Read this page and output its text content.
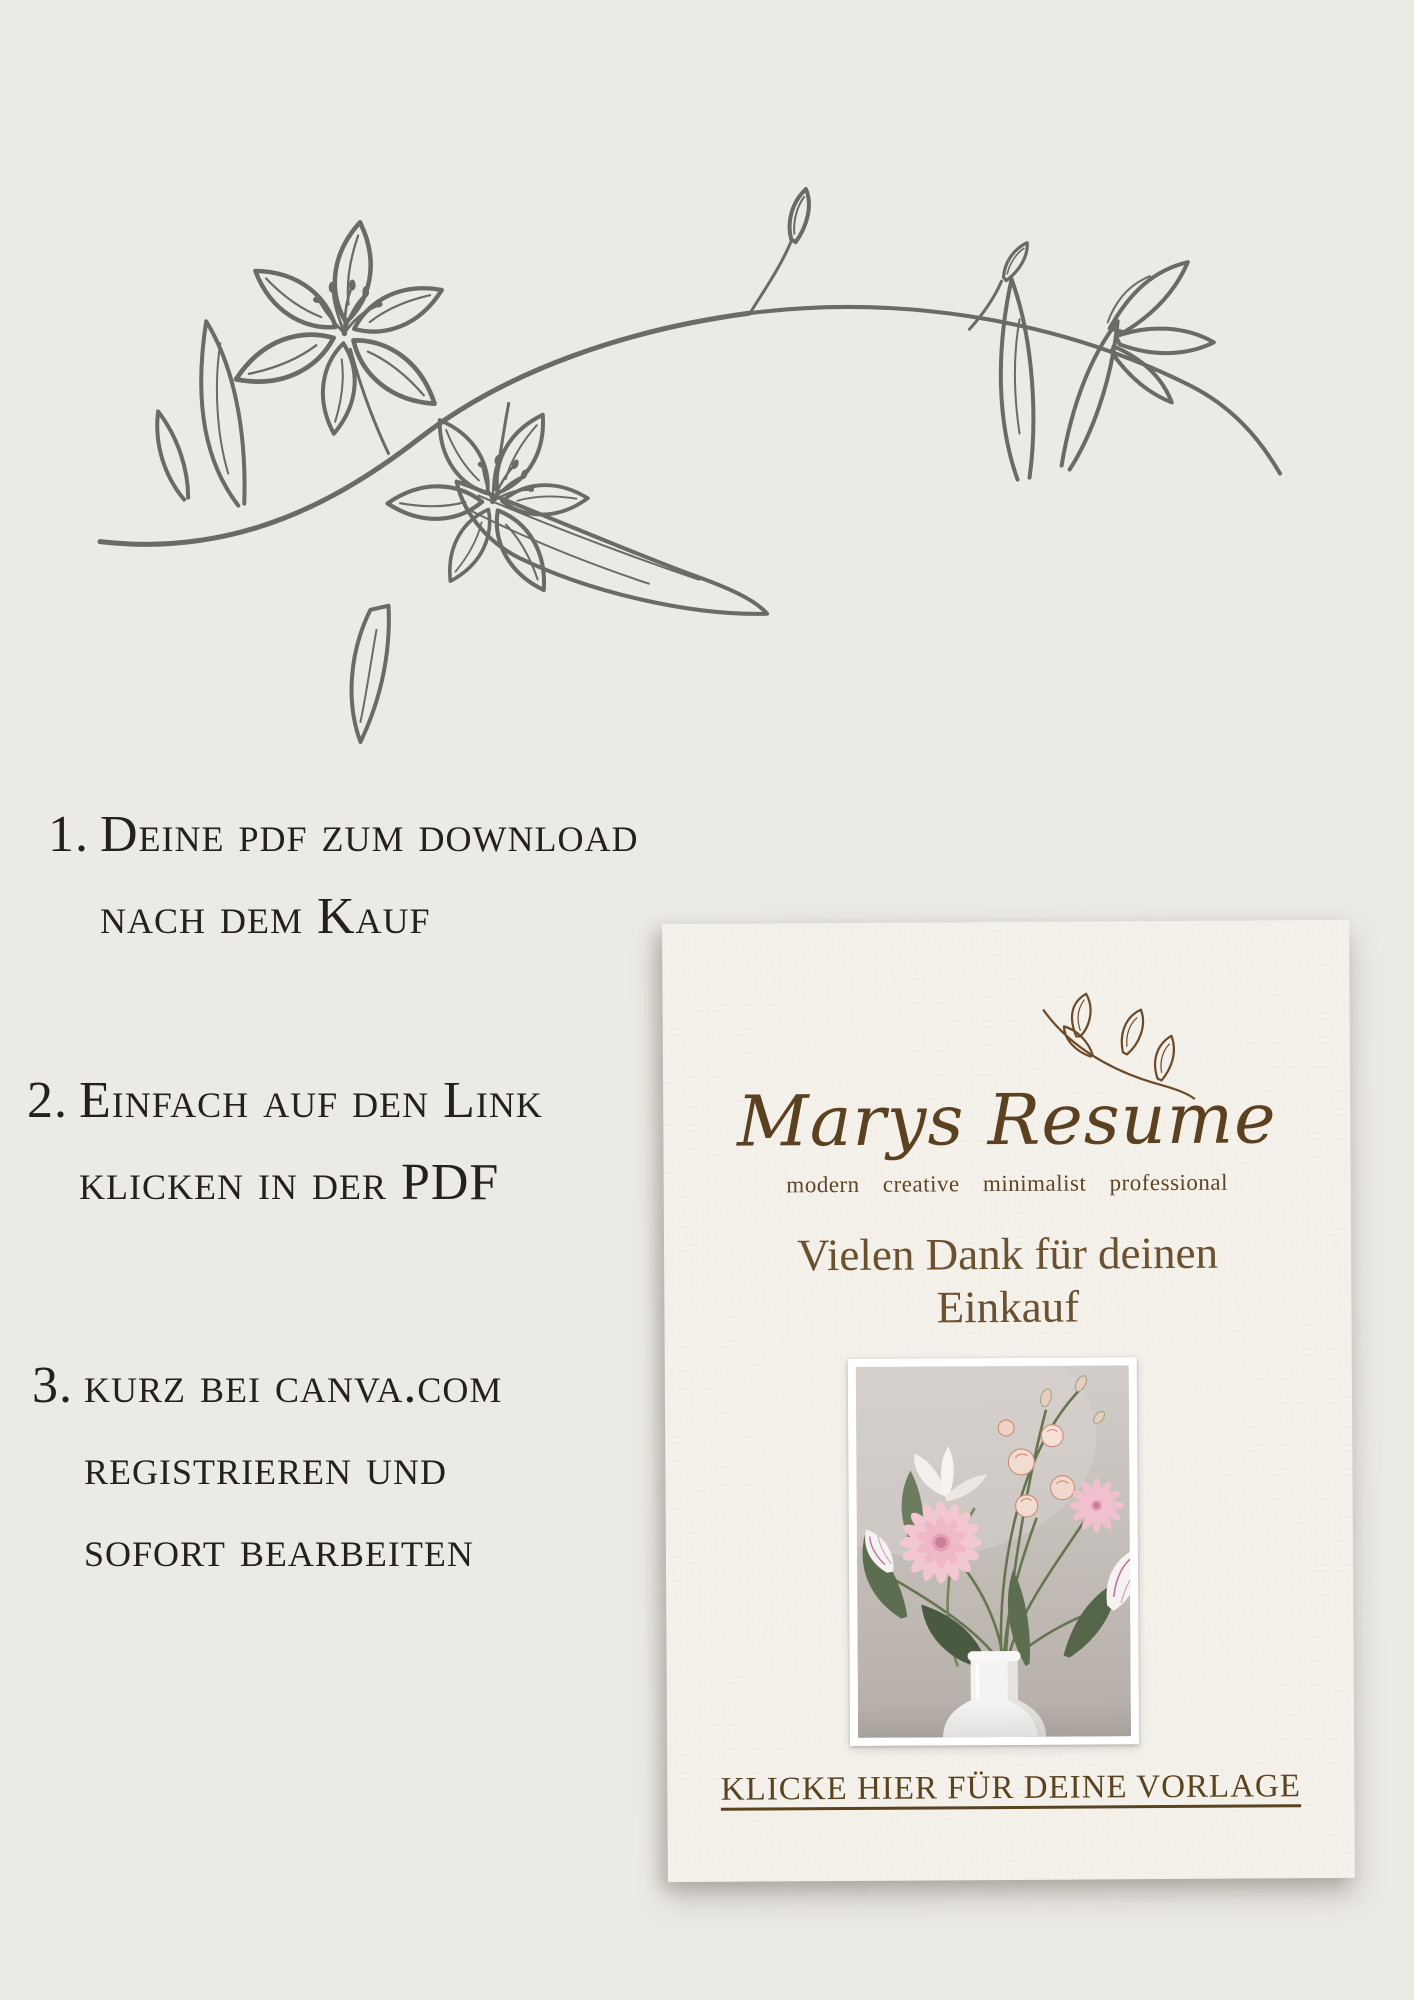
1. Deine pdf zum download
nach dem Kauf
2. Einfach auf den Link
klicken in der PDF
3. kurz bei canva.com
registrieren und
sofort bearbeiten
Marys Resume
modern creative minimalist professional
Vielen Dank für deinen
Einkauf
KLICKE HIER FÜR DEINE VORLAGE
